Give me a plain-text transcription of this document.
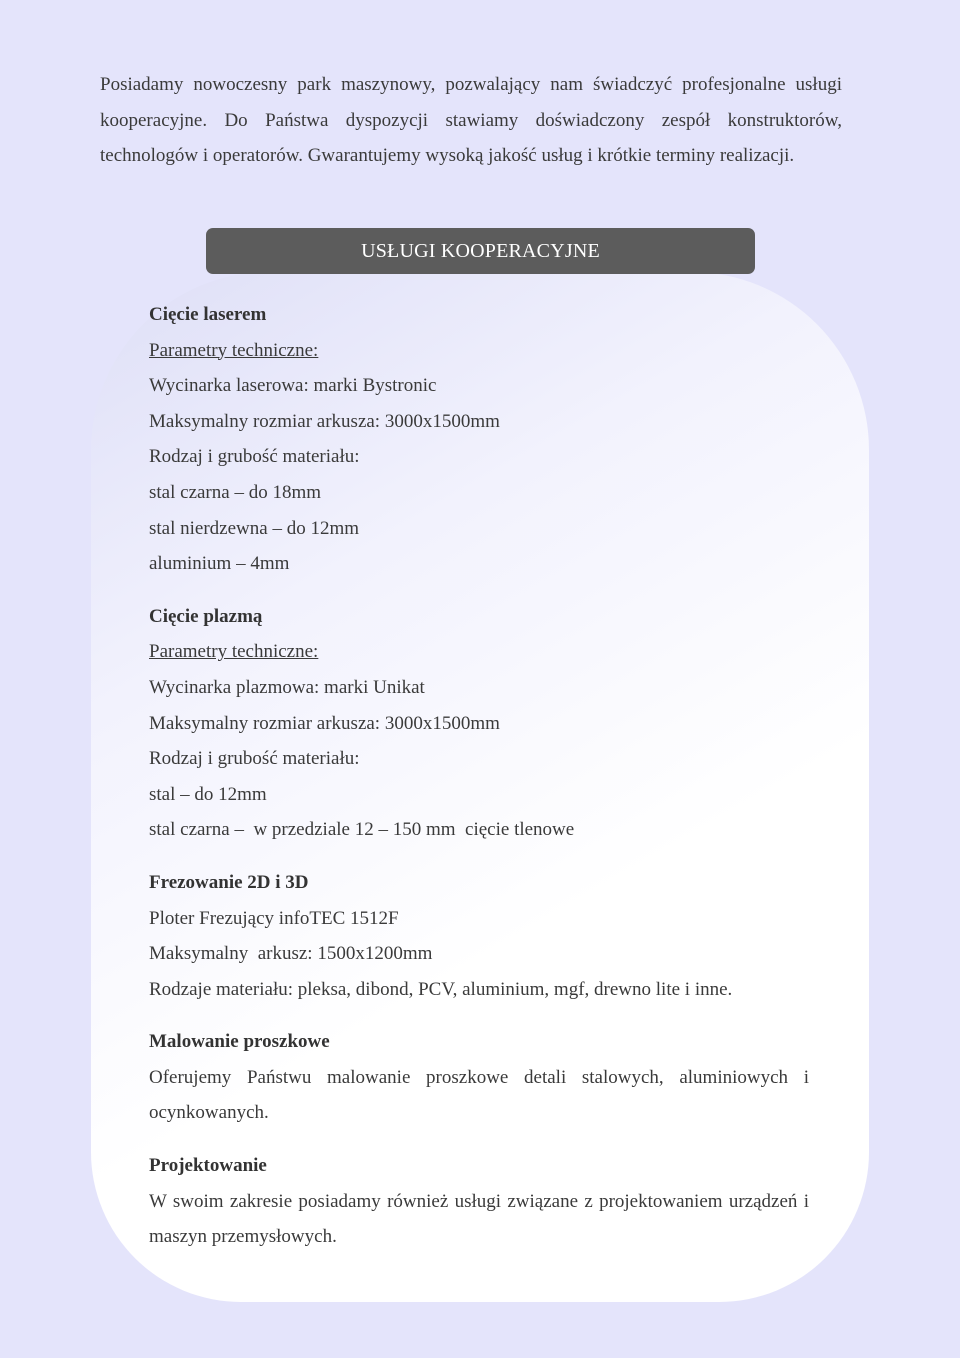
Posiadamy nowoczesny park maszynowy, pozwalający nam świadczyć profesjonalne usługi kooperacyjne. Do Państwa dyspozycji stawiamy doświadczony zespół konstruktorów, technologów i operatorów. Gwarantujemy wysoką jakość usług i krótkie terminy realizacji.

USŁUGI KOOPERACYJNE
Cięcie laserem
Parametry techniczne:
Wycinarka laserowa: marki Bystronic
Maksymalny rozmiar arkusza: 3000x1500mm
Rodzaj i grubość materiału:
stal czarna – do 18mm
stal nierdzewna – do 12mm
aluminium – 4mm
Cięcie plazmą
Parametry techniczne:
Wycinarka plazmowa: marki Unikat
Maksymalny rozmiar arkusza: 3000x1500mm
Rodzaj i grubość materiału:
stal – do 12mm
stal czarna –  w przedziale 12 – 150 mm  cięcie tlenowe
Frezowanie 2D i 3D
Ploter Frezujący infoTEC 1512F
Maksymalny  arkusz: 1500x1200mm
Rodzaje materiału: pleksa, dibond, PCV, aluminium, mgf, drewno lite i inne.
Malowanie proszkowe

Oferujemy Państwu malowanie proszkowe detali stalowych, aluminiowych i ocynkowanych.

Projektowanie

W swoim zakresie posiadamy również usługi związane z projektowaniem urządzeń i maszyn przemysłowych.
